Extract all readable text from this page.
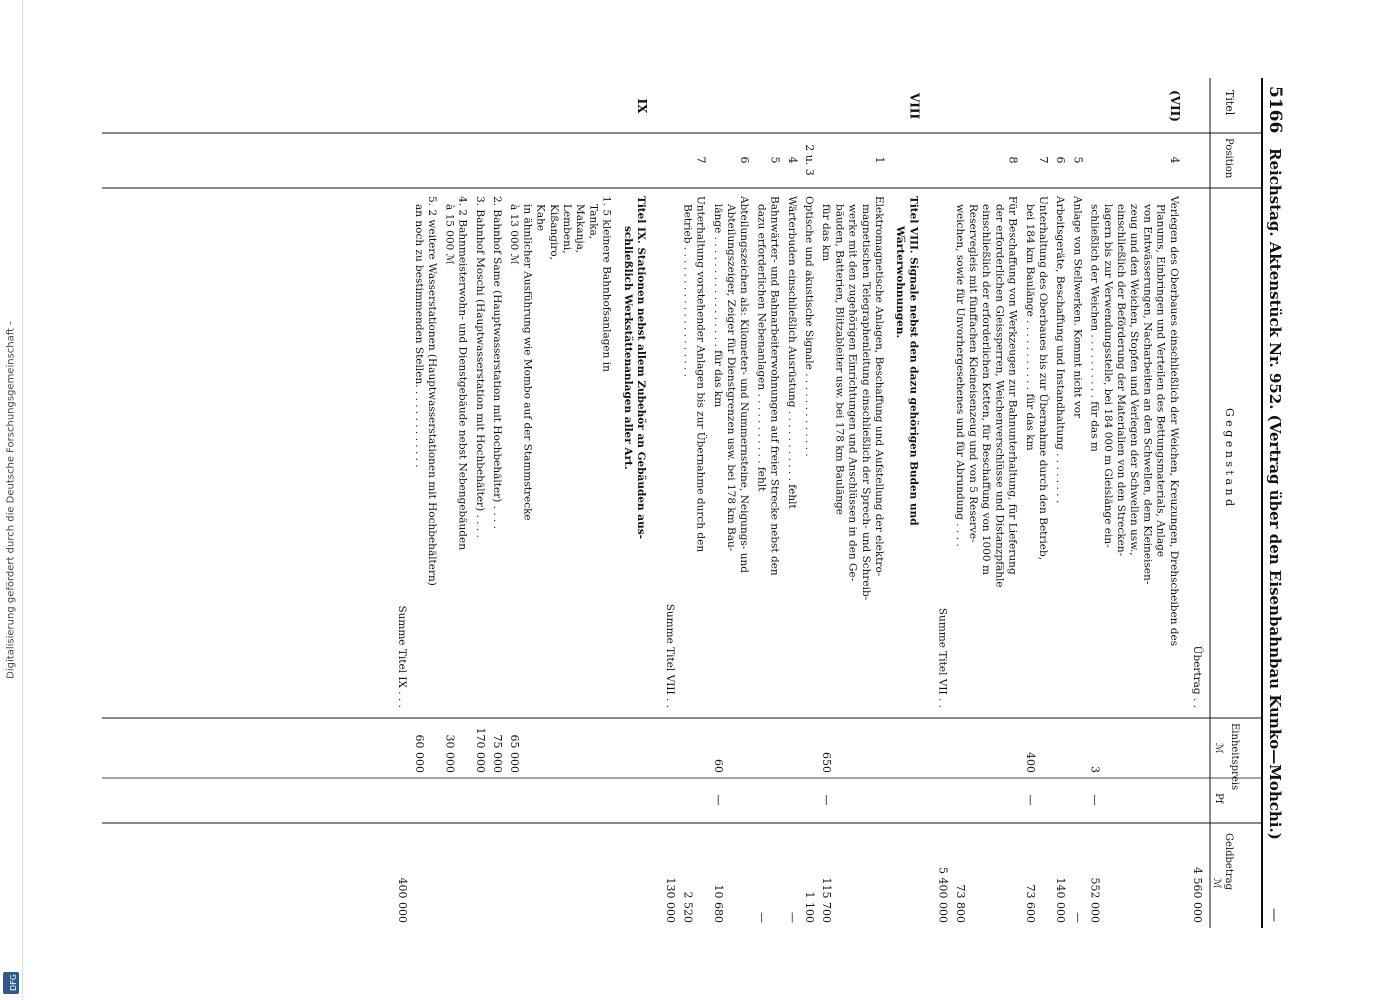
Digitalisierung gefördert durch die Deutsche Forschungsgemeinschaft -
DFG
5166
Reichstag. Aktenstück Nr. 952. (Vertrag über den Eisenbahnbau Kunko—Mohchi.)
—
Titel
Position
G e g e n s t a n d
Einheitspreis
ℳ
Pf
Geldbetrag
ℳ
Übertrag . .
4 560 000
(VII)
4
Verlegen des Oberbaues einschließlich der Weichen, Kreuzungen, Drehscheiben des
Planums, Einbringen und Verteilen des Bettungsmaterials, Anlage
von Entwässerungen, Nacharbeiten an den Schwellen, dem Kleineisen-
zeug und den Weichen, Stopfen und Verlegen der Schwellen usw.,
einschließlich der Beförderung der Materialien von den Strecken-
lagern bis zur Verwendungsstelle, bei 184 000 m Gleislänge ein-
schließlich der Weichen . . . . . . . . . . für das m
3
—
552 000
5
Anlage von Stellwerken. Kommt nicht vor
—
6
Arbeitsgeräte, Beschaffung und Instandhaltung . . . . . . . .
140 000
7
Unterhaltung des Oberbaues bis zur Übernahme durch den Betrieb,
bei 184 km Baulänge . . . . . . . . . . . für das km
400
—
73 600
8
Für Beschaffung von Werkzeugen zur Bahnunterhaltung, für Lieferung
der erforderlichen Gleissperren, Weichenverschlüsse und Distanzpfähle
einschließlich der erforderlichen Ketten, für Beschaffung von 1000 m
Reservegleis mit fünffachen Kleineisenzeug und von 5 Reserve-
weichen, sowie für Unvorhergesehenes und für Abrundung . . . .
73 800
Summe Titel VII . .
5 400 000
VIII
Titel VIII. Signale nebst den dazu gehörigen Buden und
Wärterwohnungen.
1
Elektromagnetische Anlagen, Beschaffung und Aufstellung der elektro-
magnetischen Telegraphenleitung einschließlich der Sprech- und Schreib-
werke mit den zugehörigen Einrichtungen und Anschlüssen in den Ge-
bäuden, Batterien, Blitzableiter usw. bei 178 km Baulänge
für das km
650
—
115 700
2 u. 3
Optische und akustische Signale . . . . . . . . . . . . .
1 100
4
Wärterbuden einschließlich Ausrüstung . . . . . . . . . . . fehlt
—
5
Bahnwärter- und Bahnarbeiterwohnungen auf freier Strecke nebst den
dazu erforderlichen Nebenanlagen . . . . . . . . . . . fehlt
—
6
Abteilungszeichen als: Kilometer- und Nummernsteine, Neigungs- und
Abteilungszeiger, Zeiger für Dienstgrenzen usw. bei 178 km Bau-
länge . . . . . . . . . . . . . . . . . für das km
60
—
10 680
7
Unterhaltung vorstehender Anlagen bis zur Übernahme durch den
Betrieb . . . . . . . . . . . . . . . . . . . .
2 520
Summe Titel VIII . .
130 000
IX
Titel IX. Stationen nebst allem Zubehör an Gebäuden aus-
schließlich Werkstättenanlagen aller Art.
1. 5 kleinere Bahnhofsanlagen in
Tanka,
Makanja,
Lembeni,
Kißangiro,
Kahe
in ähnlicher Ausführung wie Mombo auf der Stammstrecke
à 13 000 ℳ
65 000
2. Bahnhof Same (Hauptwasserstation mit Hochbehälter) . . . .
75 000
3. Bahnhof Moschi (Hauptwasserstation mit Hochbehälter) . . . .
170 000
4. 2 Bahnmeisterwohn- und Dienstgebäude nebst Nebengebäuden
à 15 000 ℳ
30 000
5. 2 weitere Wasserstationen (Hauptwasserstationen mit Hochbehältern)
an noch zu bestimmenden Stellen. . . . . . . . . . . . .
60 000
Summe Titel IX . . .
400 000
